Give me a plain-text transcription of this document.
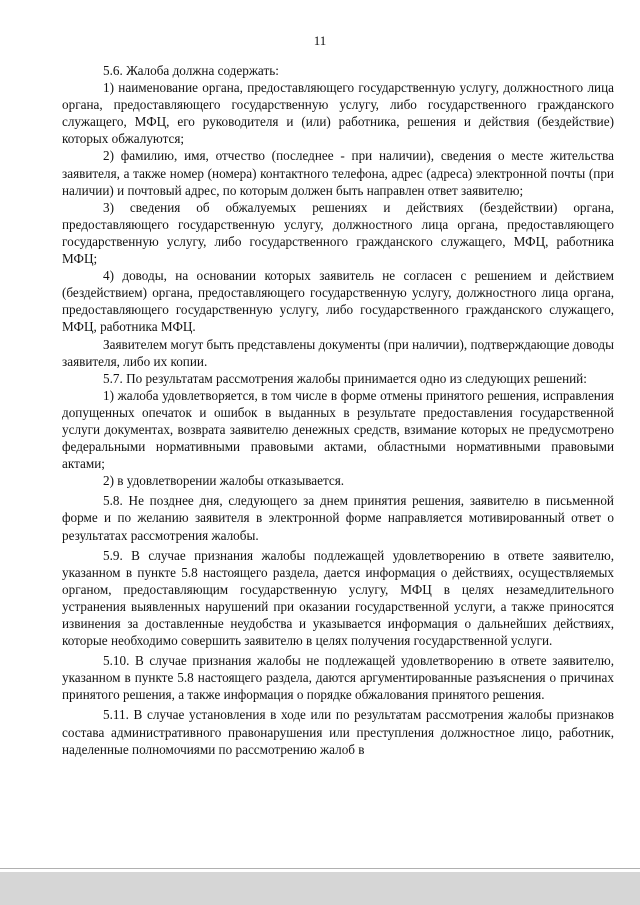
11

5.6. Жалоба должна содержать:

1) наименование органа, предоставляющего государственную услугу, должностного лица органа, предоставляющего государственную услугу, либо государственного гражданского служащего, МФЦ, его руководителя и (или) работника, решения и действия (бездействие) которых обжалуются;

2) фамилию, имя, отчество (последнее - при наличии), сведения о месте жительства заявителя, а также номер (номера) контактного телефона, адрес (адреса) электронной почты (при наличии) и почтовый адрес, по которым должен быть направлен ответ заявителю;

3) сведения об обжалуемых решениях и действиях (бездействии) органа, предоставляющего государственную услугу, должностного лица органа, предоставляющего государственную услугу, либо государственного гражданского служащего, МФЦ, работника МФЦ;

4) доводы, на основании которых заявитель не согласен с решением и действием (бездействием) органа, предоставляющего государственную услугу, должностного лица органа, предоставляющего государственную услугу, либо государственного гражданского служащего, МФЦ, работника МФЦ.

Заявителем могут быть представлены документы (при наличии), подтверждающие доводы заявителя, либо их копии.

5.7. По результатам рассмотрения жалобы принимается одно из следующих решений:

1) жалоба удовлетворяется, в том числе в форме отмены принятого решения, исправления допущенных опечаток и ошибок в выданных в результате предоставления государственной услуги документах, возврата заявителю денежных средств, взимание которых не предусмотрено федеральными нормативными правовыми актами, областными нормативными правовыми актами;

2) в удовлетворении жалобы отказывается.

5.8. Не позднее дня, следующего за днем принятия решения, заявителю в письменной форме и по желанию заявителя в электронной форме направляется мотивированный ответ о результатах рассмотрения жалобы.

5.9. В случае признания жалобы подлежащей удовлетворению в ответе заявителю, указанном в пункте 5.8 настоящего раздела, дается информация о действиях, осуществляемых органом, предоставляющим государственную услугу, МФЦ в целях незамедлительного устранения выявленных нарушений при оказании государственной услуги, а также приносятся извинения за доставленные неудобства и указывается информация о дальнейших действиях, которые необходимо совершить заявителю в целях получения государственной услуги.

5.10. В случае признания жалобы не подлежащей удовлетворению в ответе заявителю, указанном в пункте 5.8 настоящего раздела, даются аргументированные разъяснения о причинах принятого решения, а также информация о порядке обжалования принятого решения.

5.11. В случае установления в ходе или по результатам рассмотрения жалобы признаков состава административного правонарушения или преступления должностное лицо, работник, наделенные полномочиями по рассмотрению жалоб в
